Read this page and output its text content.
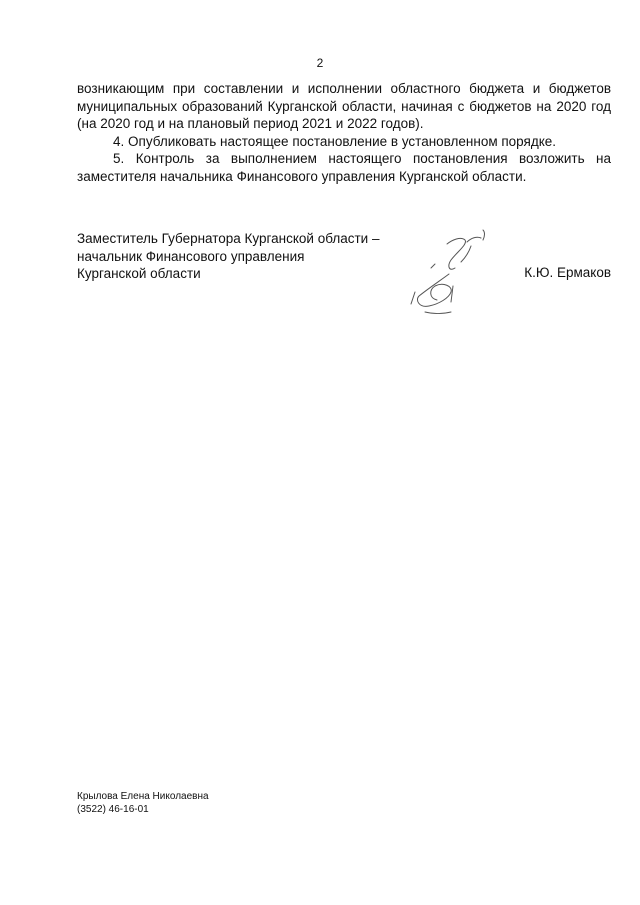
2

возникающим при составлении и исполнении областного бюджета и бюджетов муниципальных образований Курганской области, начиная с бюджетов на 2020 год (на 2020 год и на плановый период 2021 и 2022 годов).

4. Опубликовать настоящее постановление в установленном порядке.

5. Контроль за выполнением настоящего постановления возложить на заместителя начальника Финансового управления Курганской области.

Заместитель Губернатора Курганской области –
начальник Финансового управления
Курганской области	К.Ю. Ермаков
Крылова Елена Николаевна
(3522) 46-16-01
